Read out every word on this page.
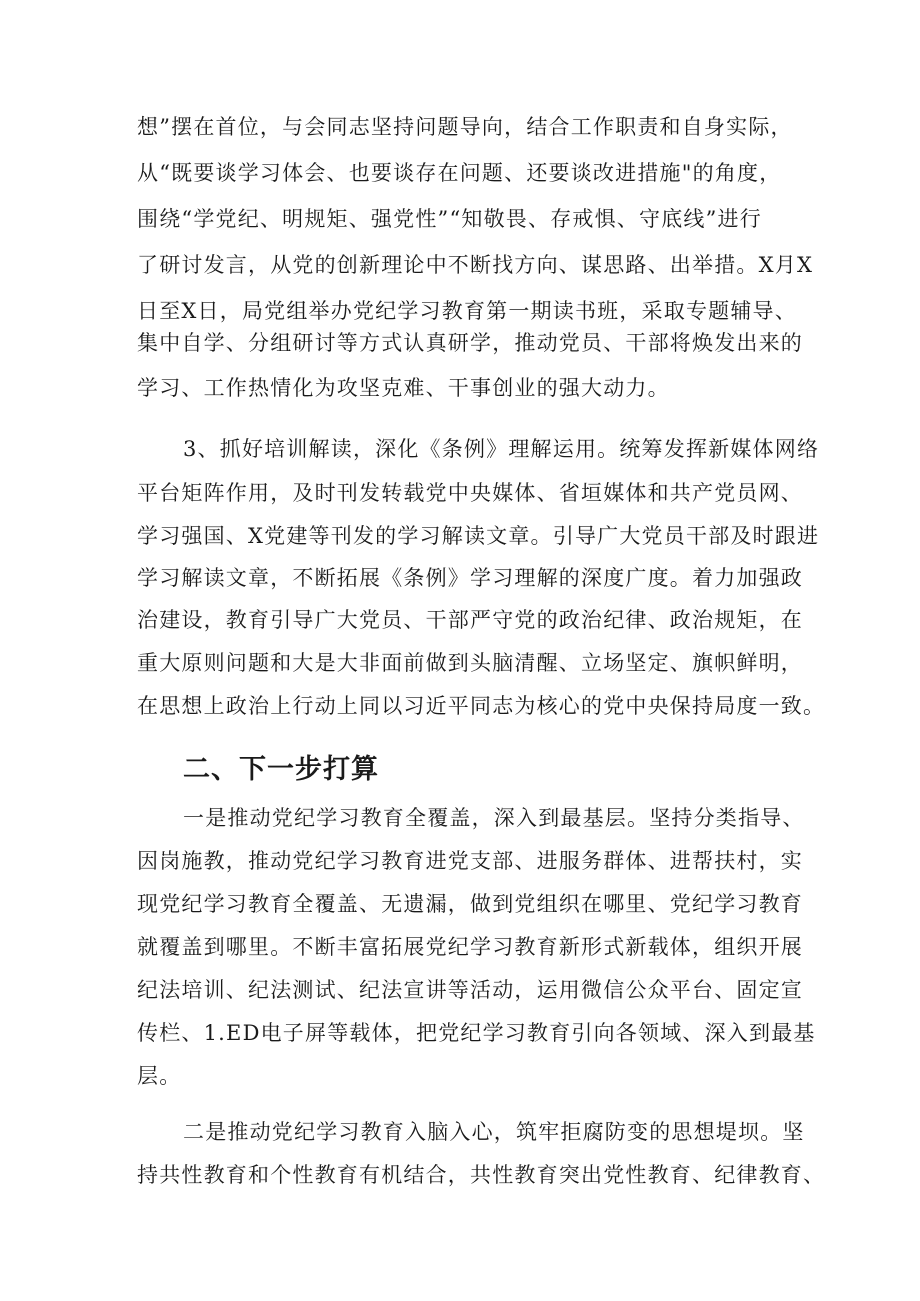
想”摆在首位，与会同志坚持问题导向，结合工作职责和自身实际，
从“既要谈学习体会、也要谈存在问题、还要谈改进措施"的角度，
围绕“学党纪、明规矩、强党性”“知敬畏、存戒惧、守底线”进行
了研讨发言，从党的创新理论中不断找方向、谋思路、出举措。X月X
日至X日，局党组举办党纪学习教育第一期读书班，采取专题辅导、
集中自学、分组研讨等方式认真研学，推动党员、干部将焕发出来的
学习、工作热情化为攻坚克难、干事创业的强大动力。
3、抓好培训解读，深化《条例》理解运用。统筹发挥新媒体网络
平台矩阵作用，及时刊发转载党中央媒体、省垣媒体和共产党员网、
学习强国、X党建等刊发的学习解读文章。引导广大党员干部及时跟进
学习解读文章，不断拓展《条例》学习理解的深度广度。着力加强政
治建设，教育引导广大党员、干部严守党的政治纪律、政治规矩，在
重大原则问题和大是大非面前做到头脑清醒、立场坚定、旗帜鲜明，
在思想上政治上行动上同以习近平同志为核心的党中央保持局度一致。
二、下一步打算
一是推动党纪学习教育全覆盖，深入到最基层。坚持分类指导、
因岗施教，推动党纪学习教育进党支部、进服务群体、进帮扶村，实
现党纪学习教育全覆盖、无遗漏，做到党组织在哪里、党纪学习教育
就覆盖到哪里。不断丰富拓展党纪学习教育新形式新载体，组织开展
纪法培训、纪法测试、纪法宣讲等活动，运用微信公众平台、固定宣
传栏、1.ED电子屏等载体，把党纪学习教育引向各领域、深入到最基
层。
二是推动党纪学习教育入脑入心，筑牢拒腐防变的思想堤坝。坚
持共性教育和个性教育有机结合，共性教育突出党性教育、纪律教育、
